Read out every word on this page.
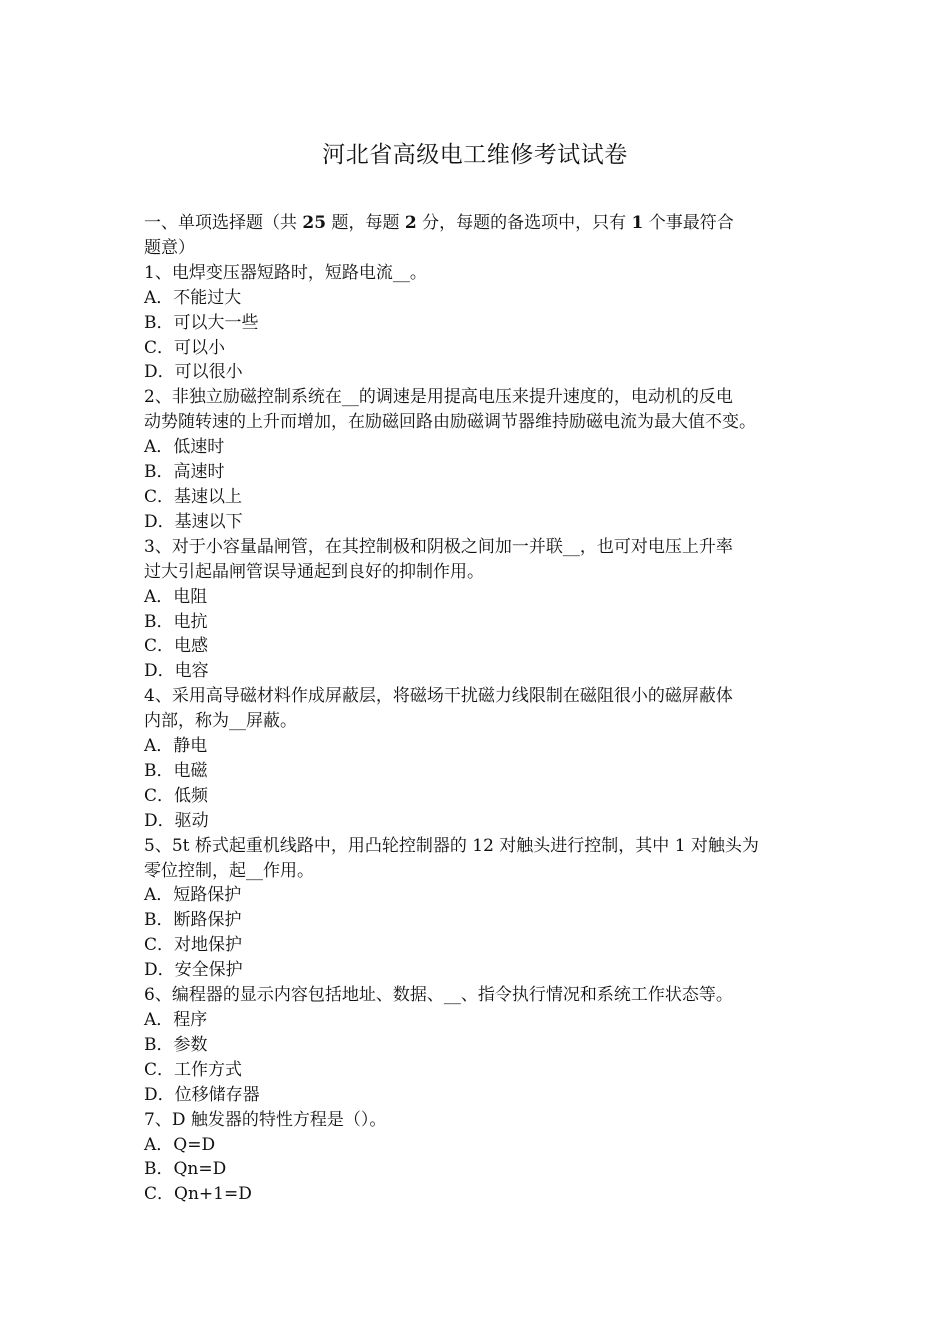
河北省高级电工维修考试试卷

一、单项选择题（共 25 题，每题 2 分，每题的备选项中，只有 1 个事最符合

题意）

1、电焊变压器短路时，短路电流__。

A．不能过大

B．可以大一些

C．可以小

D．可以很小

2、非独立励磁控制系统在__的调速是用提高电压来提升速度的，电动机的反电

动势随转速的上升而增加，在励磁回路由励磁调节器维持励磁电流为最大值不变。

A．低速时

B．高速时

C．基速以上

D．基速以下

3、对于小容量晶闸管，在其控制极和阴极之间加一并联__，也可对电压上升率

过大引起晶闸管误导通起到良好的抑制作用。

A．电阻

B．电抗

C．电感

D．电容

4、采用高导磁材料作成屏蔽层，将磁场干扰磁力线限制在磁阻很小的磁屏蔽体

内部，称为__屏蔽。

A．静电

B．电磁

C．低频

D．驱动

5、5t 桥式起重机线路中，用凸轮控制器的 12 对触头进行控制，其中 1 对触头为

零位控制，起__作用。

A．短路保护

B．断路保护

C．对地保护

D．安全保护

6、编程器的显示内容包括地址、数据、__、指令执行情况和系统工作状态等。

A．程序

B．参数

C．工作方式

D．位移储存器

7、D 触发器的特性方程是（）。

A．Q=D

B．Qn=D

C．Qn+1=D
